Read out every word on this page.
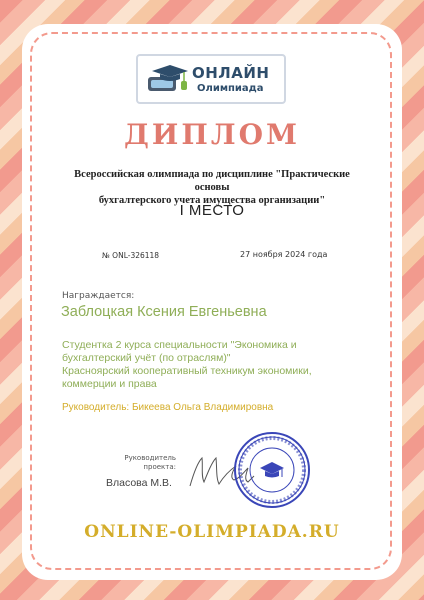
ОНЛАЙН
Олимпиада
ДИПЛОМ
Всероссийская олимпиада по дисциплине "Практические основы
бухгалтерского учета имущества организации"
I МЕСТО
№ ONL-326118	27 ноября 2024 года
Награждается:
Заблоцкая Ксения Евгеньевна
Студентка 2 курса специальности "Экономика и
бухгалтерский учёт (по отраслям)"
Красноярский кооперативный техникум экономики,
коммерции и права
Руководитель: Бикеева Ольга Владимировна
Руководитель
проекта:
Власова М.В.
ONLINE-OLIMPIADA.RU
